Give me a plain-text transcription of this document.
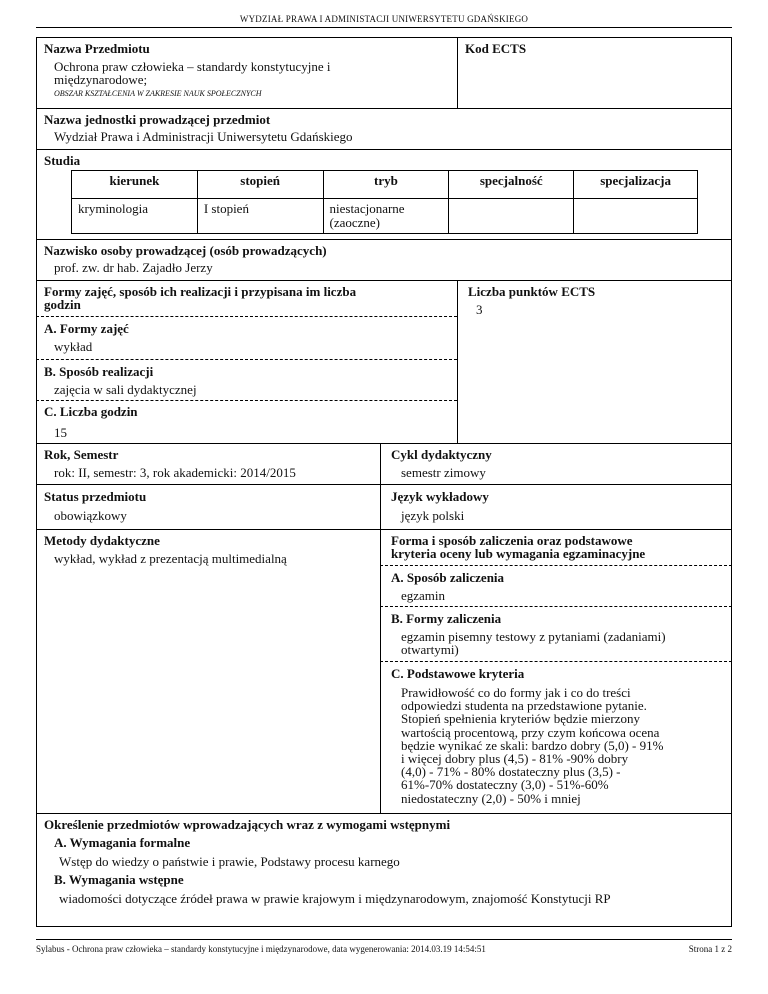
WYDZIAŁ PRAWA I ADMINISTACJI UNIWERSYTETU GDAŃSKIEGO
Nazwa Przedmiotu
Ochrona praw człowieka – standardy konstytucyjne i
międzynarodowe;
OBSZAR KSZTAŁCENIA W ZAKRESIE NAUK SPOŁECZNYCH
Kod ECTS
Nazwa jednostki prowadzącej przedmiot
Wydział Prawa i Administracji Uniwersytetu Gdańskiego
Studia
kierunek	stopień	tryb	specjalność	specjalizacja
kryminologia	I stopień	niestacjonarne
(zaoczne)		
Nazwisko osoby prowadzącej (osób prowadzących)
prof. zw. dr hab. Zajadło Jerzy
Formy zajęć, sposób ich realizacji i przypisana im liczba
godzin
A. Formy zajęć
wykład
B. Sposób realizacji
zajęcia w sali dydaktycznej
C. Liczba godzin
15
Liczba punktów ECTS
3
Rok, Semestr
rok: II, semestr: 3, rok akademicki: 2014/2015
Cykl dydaktyczny
semestr zimowy
Status przedmiotu
obowiązkowy
Język wykładowy
język polski
Metody dydaktyczne
wykład, wykład z prezentacją multimedialną
Forma i sposób zaliczenia oraz podstawowe
kryteria oceny lub wymagania egzaminacyjne
A. Sposób zaliczenia
egzamin
B. Formy zaliczenia
egzamin pisemny testowy z pytaniami (zadaniami)
otwartymi)
C. Podstawowe kryteria
Prawidłowość co do formy jak i co do treści
odpowiedzi studenta na przedstawione pytanie.
Stopień spełnienia kryteriów będzie mierzony
wartością procentową, przy czym końcowa ocena
będzie wynikać ze skali: bardzo dobry (5,0) - 91%
i więcej dobry plus (4,5) - 81% -90% dobry
(4,0) - 71% - 80% dostateczny plus (3,5) -
61%-70% dostateczny (3,0) - 51%-60%
niedostateczny (2,0) - 50% i mniej
Określenie przedmiotów wprowadzających wraz z wymogami wstępnymi
A. Wymagania formalne
Wstęp do wiedzy o państwie i prawie, Podstawy procesu karnego
B. Wymagania wstępne
wiadomości dotyczące źródeł prawa w prawie krajowym i międzynarodowym, znajomość Konstytucji RP
Sylabus - Ochrona praw człowieka – standardy konstytucyjne i międzynarodowe, data wygenerowania: 2014.03.19 14:54:51	Strona 1 z 2
